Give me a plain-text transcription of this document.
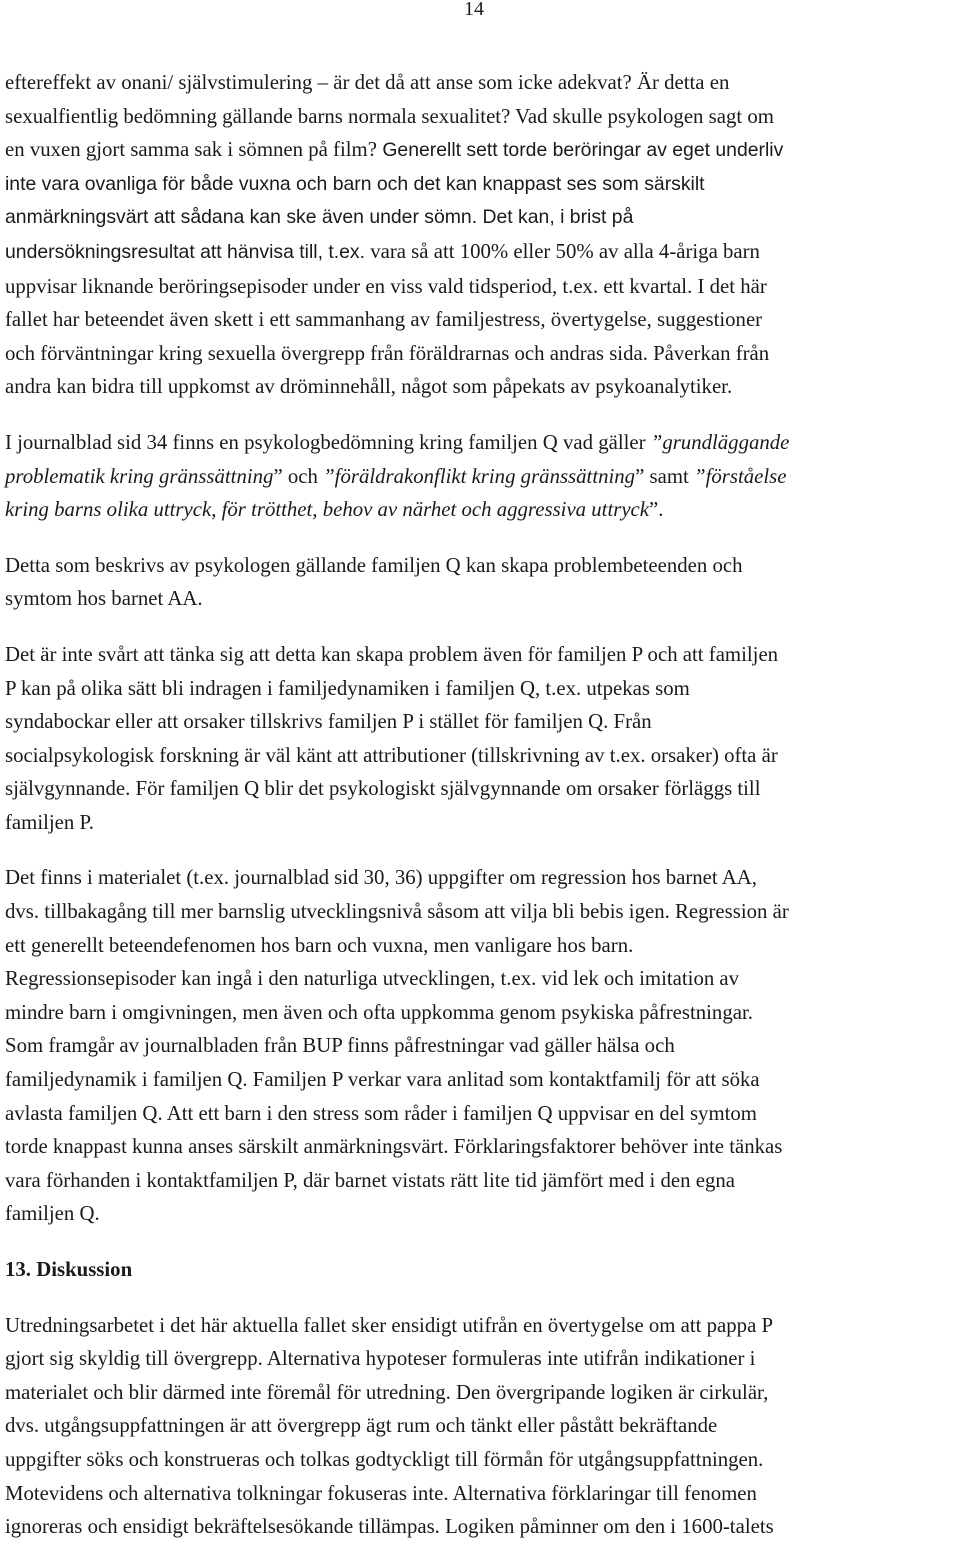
14

eftereffekt av onani/ självstimulering – är det då att anse som icke adekvat? Är detta en
sexualfientlig bedömning gällande barns normala sexualitet? Vad skulle psykologen sagt om
en vuxen gjort samma sak i sömnen på film? Generellt sett torde beröringar av eget underliv
inte vara ovanliga för både vuxna och barn och det kan knappast ses som särskilt
anmärkningsvärt att sådana kan ske även under sömn. Det kan, i brist på
undersökningsresultat att hänvisa till, t.ex. vara så att 100% eller 50% av alla 4-åriga barn
uppvisar liknande beröringsepisoder under en viss vald tidsperiod, t.ex. ett kvartal. I det här
fallet har beteendet även skett i ett sammanhang av familjestress, övertygelse, suggestioner
och förväntningar kring sexuella övergrepp från föräldrarnas och andras sida. Påverkan från
andra kan bidra till uppkomst av dröminnehåll, något som påpekats av psykoanalytiker.

I journalblad sid 34 finns en psykologbedömning kring familjen Q vad gäller ”grundläggande
problematik kring gränssättning” och ”föräldrakonflikt kring gränssättning” samt ”förståelse
kring barns olika uttryck, för trötthet, behov av närhet och aggressiva uttryck”.

Detta som beskrivs av psykologen gällande familjen Q kan skapa problembeteenden och
symtom hos barnet AA.

Det är inte svårt att tänka sig att detta kan skapa problem även för familjen P och att familjen
P kan på olika sätt bli indragen i familjedynamiken i familjen Q, t.ex. utpekas som
syndabockar eller att orsaker tillskrivs familjen P i stället för familjen Q. Från
socialpsykologisk forskning är väl känt att attributioner (tillskrivning av t.ex. orsaker) ofta är
självgynnande. För familjen Q blir det psykologiskt självgynnande om orsaker förläggs till
familjen P.

Det finns i materialet (t.ex. journalblad sid 30, 36) uppgifter om regression hos barnet AA,
dvs. tillbakagång till mer barnslig utvecklingsnivå såsom att vilja bli bebis igen. Regression är
ett generellt beteendefenomen hos barn och vuxna, men vanligare hos barn.
Regressionsepisoder kan ingå i den naturliga utvecklingen, t.ex. vid lek och imitation av
mindre barn i omgivningen, men även och ofta uppkomma genom psykiska påfrestningar.
Som framgår av journalbladen från BUP finns påfrestningar vad gäller hälsa och
familjedynamik i familjen Q. Familjen P verkar vara anlitad som kontaktfamilj för att söka
avlasta familjen Q. Att ett barn i den stress som råder i familjen Q uppvisar en del symtom
torde knappast kunna anses särskilt anmärkningsvärt. Förklaringsfaktorer behöver inte tänkas
vara förhanden i kontaktfamiljen P, där barnet vistats rätt lite tid jämfört med i den egna
familjen Q.

13. Diskussion

Utredningsarbetet i det här aktuella fallet sker ensidigt utifrån en övertygelse om att pappa P
gjort sig skyldig till övergrepp. Alternativa hypoteser formuleras inte utifrån indikationer i
materialet och blir därmed inte föremål för utredning. Den övergripande logiken är cirkulär,
dvs. utgångsuppfattningen är att övergrepp ägt rum och tänkt eller påstått bekräftande
uppgifter söks och konstrueras och tolkas godtyckligt till förmån för utgångsuppfattningen.
Motevidens och alternativa tolkningar fokuseras inte. Alternativa förklaringar till fenomen
ignoreras och ensidigt bekräftelsesökande tillämpas. Logiken påminner om den i 1600-talets
